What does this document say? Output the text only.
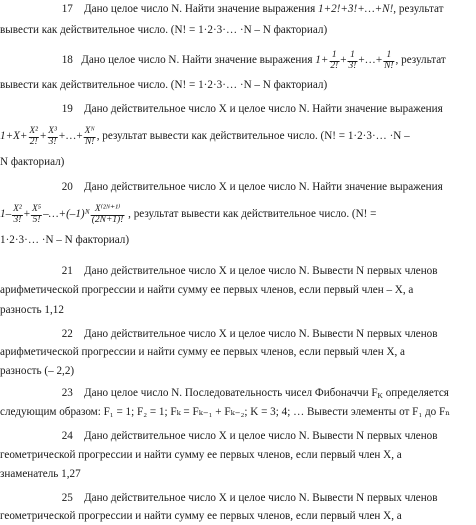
17 Дано целое число N. Найти значение выражения 1+2!+3!+…+N!, результат
вывести как действительное число. (N! = 1·2·3·… ·N – N факториал)
18
Дано целое число N. Найти значение выражения
$1+ \frac{1}{2!} + \frac{1}{3!}$ +…+ $\frac{1}{N!}$ , результат
вывести как действительное число. (N! = 1·2·3·… ·N – N факториал)
19 Дано действительное число X и целое число N. Найти значение выражения
$1+X+ \frac{\text{X²}}{2!} + \frac{\text{X³}}{3!}$ +…+ $\frac{\text{Xᴺ}}{N!}$ , результат вывести как действительное число. (N! = 1·2·3·… ·N –
N факториал)
20 Дано действительное число X и целое число N. Найти значение выражения
$1- \frac{\text{X²}}{3!} + \frac{\text{X⁵}}{5!}$ –…+(–1)ᴺ $\frac{\text{X⁽²ᴺ⁺¹⁾}}{(2N+1)!}$
, результат вывести как действительное число. (N! =
1·2·3·… ·N – N факториал)
21 Дано действительное число X и целое число N. Вывести N первых членов
арифметической прогрессии и найти сумму ее первых членов, если первый член – X, а
разность 1,12
22 Дано действительное число X и целое число N. Вывести N первых членов
арифметической прогрессии и найти сумму ее первых членов, если первый член X, а
разность (– 2,2)
23 Дано целое число N. Последовательность чисел Фибоначчи $F_K$ определяется
следующим образом: F₁ = 1; F₂ = 1; Fₖ = Fₖ₋₁ + Fₖ₋₂; K = 3; 4; … Вывести элементы от F₁ до Fₙ
24 Дано действительное число X и целое число N. Вывести N первых членов
геометрической прогрессии и найти сумму ее первых членов, если первый член X, а
знаменатель 1,27
25 Дано действительное число X и целое число N. Вывести N первых членов
геометрической прогрессии и найти сумму ее первых членов, если первый член X, а
